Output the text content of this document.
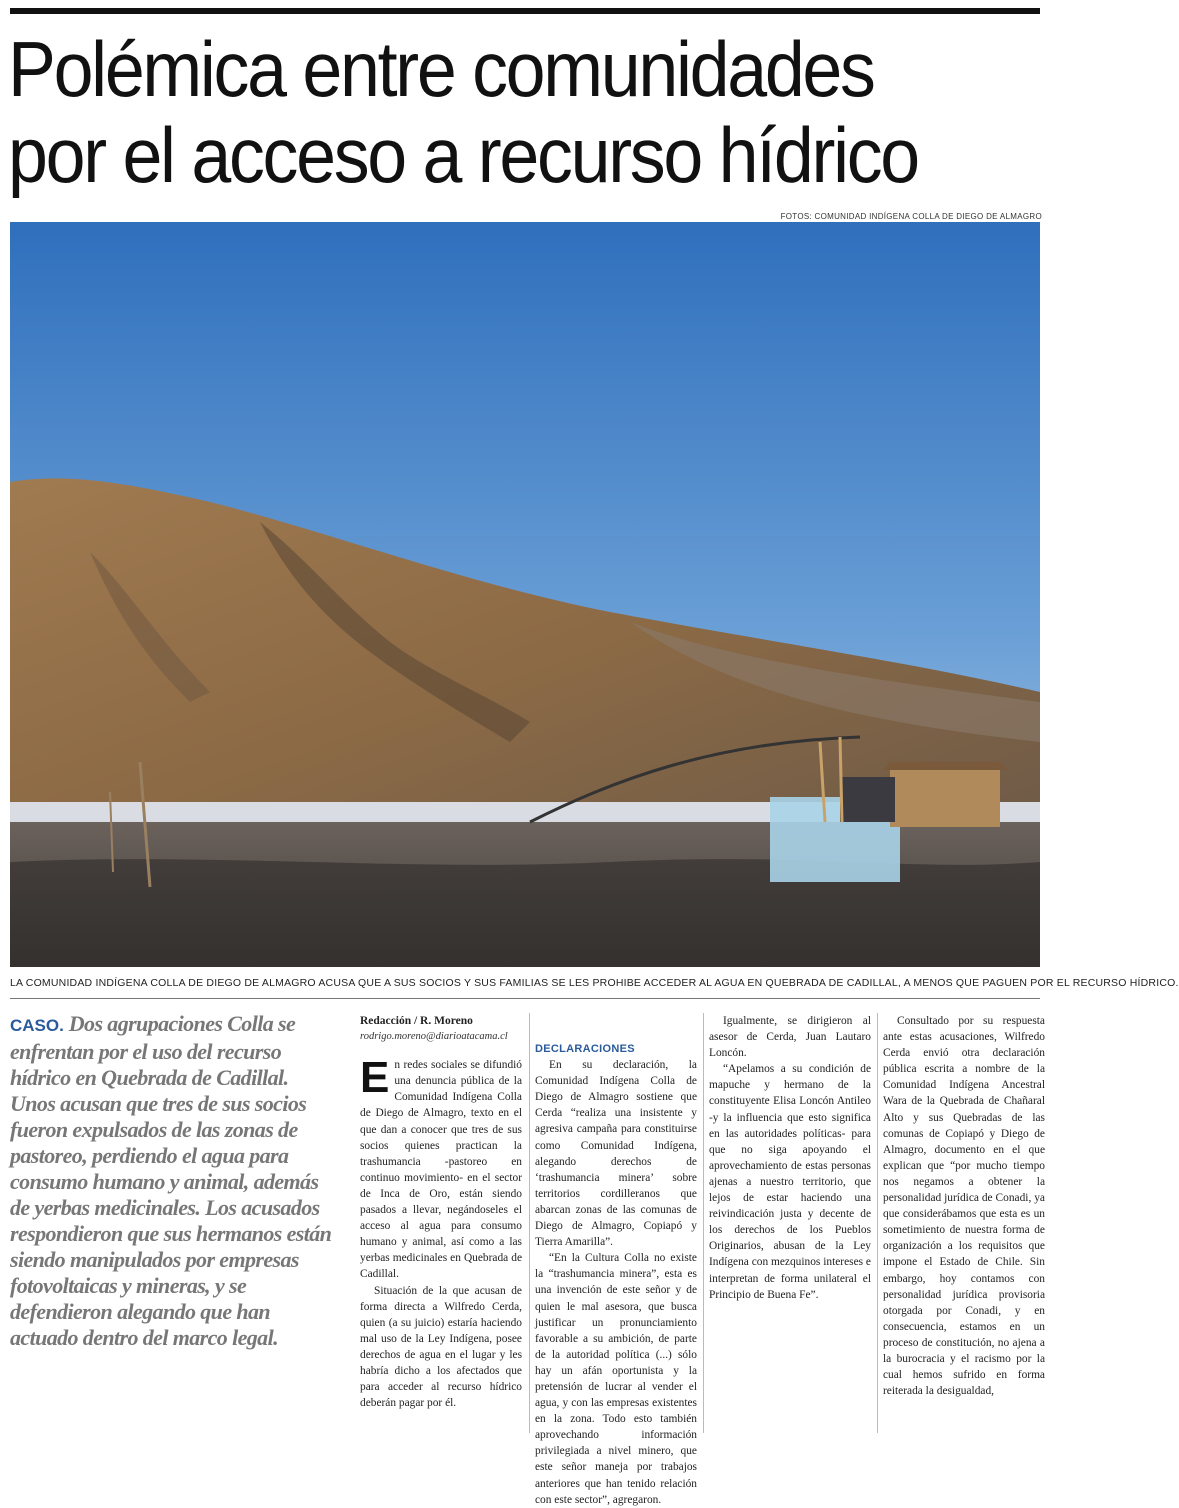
Polémica entre comunidades
por el acceso a recurso hídrico
FOTOS: COMUNIDAD INDÍGENA COLLA DE DIEGO DE ALMAGRO
LA COMUNIDAD INDÍGENA COLLA DE DIEGO DE ALMAGRO ACUSA QUE A SUS SOCIOS Y SUS FAMILIAS SE LES PROHIBE ACCEDER AL AGUA EN QUEBRADA DE CADILLAL, A MENOS QUE PAGUEN POR EL RECURSO HÍDRICO.
CASO. Dos agrupaciones Colla se enfrentan por el uso del recurso hídrico en Quebrada de Cadillal. Unos acusan que tres de sus socios fueron expulsados de las zonas de pastoreo, perdiendo el agua para consumo humano y animal, además de yerbas medicinales. Los acusados respondieron que sus hermanos están siendo manipulados por empresas fotovoltaicas y mineras, y se defendieron alegando que han actuado dentro del marco legal.

Redacción / R. Moreno

rodrigo.moreno@diarioatacama.cl

En redes sociales se difundió una denuncia pública de la Comunidad Indígena Colla de Diego de Almagro, texto en el que dan a conocer que tres de sus socios quienes practican la trashumancia -pastoreo en continuo movimiento- en el sector de Inca de Oro, están siendo pasados a llevar, negándoseles el acceso al agua para consumo humano y animal, así como a las yerbas medicinales en Quebrada de Cadillal.

Situación de la que acusan de forma directa a Wilfredo Cerda, quien (a su juicio) estaría haciendo mal uso de la Ley Indígena, posee derechos de agua en el lugar y les habría dicho a los afectados que para acceder al recurso hídrico deberán pagar por él.

DECLARACIONES

En su declaración, la Comunidad Indígena Colla de Diego de Almagro sostiene que Cerda “realiza una insistente y agresiva campaña para constituirse como Comunidad Indígena, alegando derechos de ‘trashumancia minera’ sobre territorios cordilleranos que abarcan zonas de las comunas de Diego de Almagro, Copiapó y Tierra Amarilla”.

“En la Cultura Colla no existe la “trashumancia minera”, esta es una invención de este señor y de quien le mal asesora, que busca justificar un pronunciamiento favorable a su ambición, de parte de la autoridad política (...) sólo hay un afán oportunista y la pretensión de lucrar al vender el agua, y con las empresas existentes en la zona. Todo esto también aprovechando información privilegiada a nivel minero, que este señor maneja por trabajos anteriores que han tenido relación con este sector”, agregaron.

Igualmente, se dirigieron al asesor de Cerda, Juan Lautaro Loncón.

“Apelamos a su condición de mapuche y hermano de la constituyente Elisa Loncón Antileo -y la influencia que esto significa en las autoridades políticas- para que no siga apoyando el aprovechamiento de estas personas ajenas a nuestro territorio, que lejos de estar haciendo una reivindicación justa y decente de los derechos de los Pueblos Originarios, abusan de la Ley Indígena con mezquinos intereses e interpretan de forma unilateral el Principio de Buena Fe”.

Consultado por su respuesta ante estas acusaciones, Wilfredo Cerda envió otra declaración pública escrita a nombre de la Comunidad Indígena Ancestral Wara de la Quebrada de Chañaral Alto y sus Quebradas de las comunas de Copiapó y Diego de Almagro, documento en el que explican que “por mucho tiempo nos negamos a obtener la personalidad jurídica de Conadi, ya que considerábamos que esta es un sometimiento de nuestra forma de organización a los requisitos que impone el Estado de Chile. Sin embargo, hoy contamos con personalidad jurídica provisoria otorgada por Conadi, y en consecuencia, estamos en un proceso de constitución, no ajena a la burocracia y el racismo por la cual hemos sufrido en forma reiterada la desigualdad,
